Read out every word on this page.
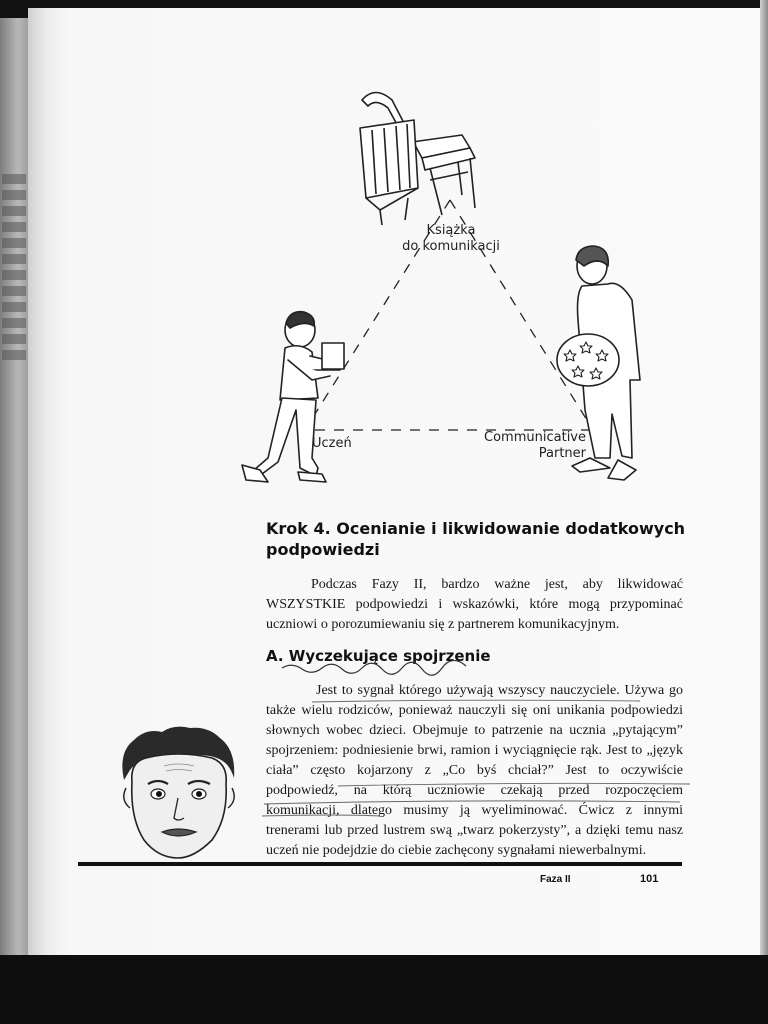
Książka
do komunikacji
Uczeń	Communicative
Partner
Krok 4. Ocenianie i likwidowanie dodatkowych podpowiedzi
Podczas Fazy II, bardzo ważne jest, aby likwidować WSZYSTKIE podpowiedzi i wskazówki, które mogą przypominać uczniowi o porozumiewaniu się z partnerem komunikacyjnym.
A. Wyczekujące spojrzenie
Jest to sygnał którego używają wszyscy nauczyciele. Używa go także wielu rodziców, ponieważ nauczyli się oni unikania podpowiedzi słownych wobec dzieci. Obejmuje to patrzenie na ucznia „pytającym” spojrzeniem: podniesienie brwi, ramion i wyciągnięcie rąk. Jest to „język ciała” często kojarzony z „Co byś chciał?” Jest to oczywiście podpowiedź, na którą uczniowie czekają przed rozpoczęciem komunikacji, dlatego musimy ją wyeliminować. Ćwicz z innymi trenerami lub przed lustrem swą „twarz pokerzysty”, a dzięki temu nasz uczeń nie podejdzie do ciebie zachęcony sygnałami niewerbalnymi.
Faza II	101
